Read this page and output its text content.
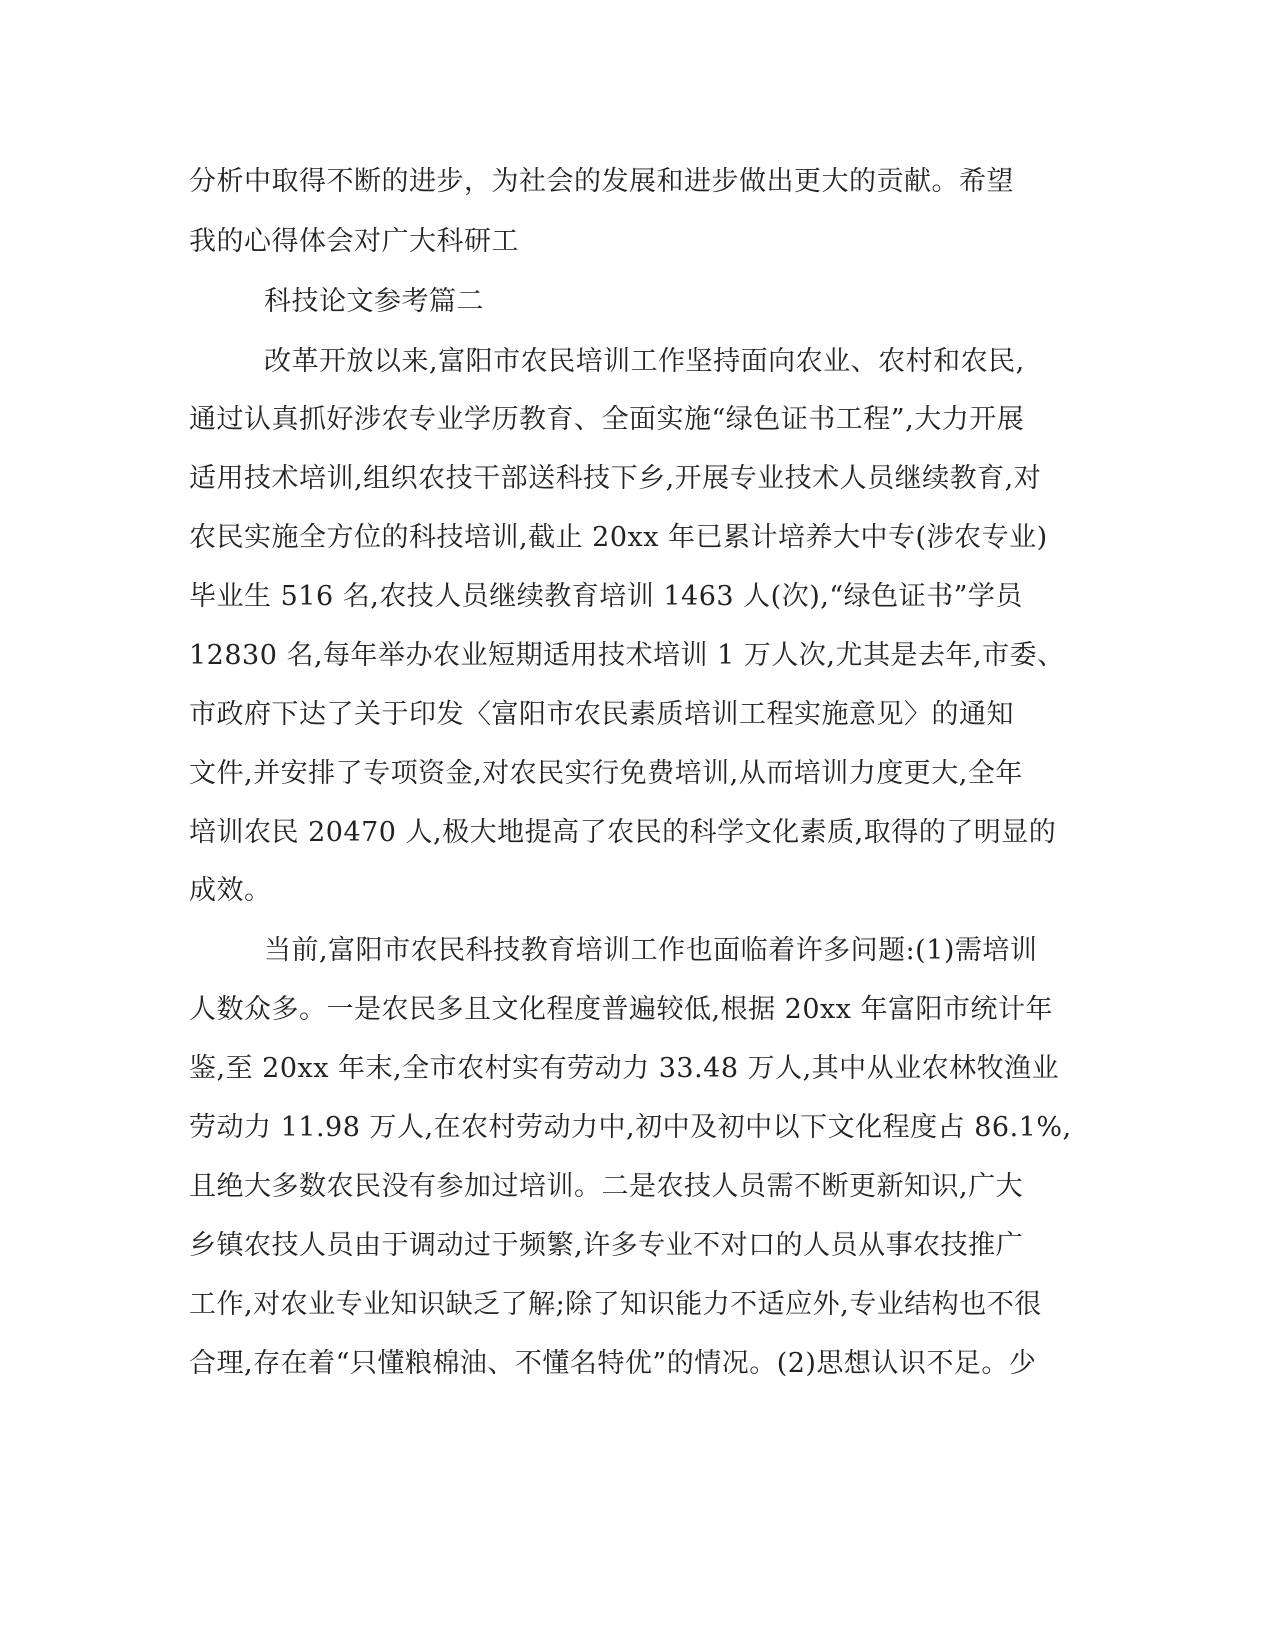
分析中取得不断的进步，为社会的发展和进步做出更大的贡献。希望
我的心得体会对广大科研工
科技论文参考篇二
改革开放以来,富阳市农民培训工作坚持面向农业、农村和农民,
通过认真抓好涉农专业学历教育、全面实施“绿色证书工程”,大力开展
适用技术培训,组织农技干部送科技下乡,开展专业技术人员继续教育,对
农民实施全方位的科技培训,截止 20xx 年已累计培养大中专(涉农专业)
毕业生 516 名,农技人员继续教育培训 1463 人(次),“绿色证书”学员
12830 名,每年举办农业短期适用技术培训 1 万人次,尤其是去年,市委、
市政府下达了关于印发〈富阳市农民素质培训工程实施意见〉的通知
文件,并安排了专项资金,对农民实行免费培训,从而培训力度更大,全年
培训农民 20470 人,极大地提高了农民的科学文化素质,取得的了明显的
成效。
当前,富阳市农民科技教育培训工作也面临着许多问题:(1)需培训
人数众多。一是农民多且文化程度普遍较低,根据 20xx 年富阳市统计年
鉴,至 20xx 年末,全市农村实有劳动力 33.48 万人,其中从业农林牧渔业
劳动力 11.98 万人,在农村劳动力中,初中及初中以下文化程度占 86.1%,
且绝大多数农民没有参加过培训。二是农技人员需不断更新知识,广大
乡镇农技人员由于调动过于频繁,许多专业不对口的人员从事农技推广
工作,对农业专业知识缺乏了解;除了知识能力不适应外,专业结构也不很
合理,存在着“只懂粮棉油、不懂名特优”的情况。(2)思想认识不足。少
